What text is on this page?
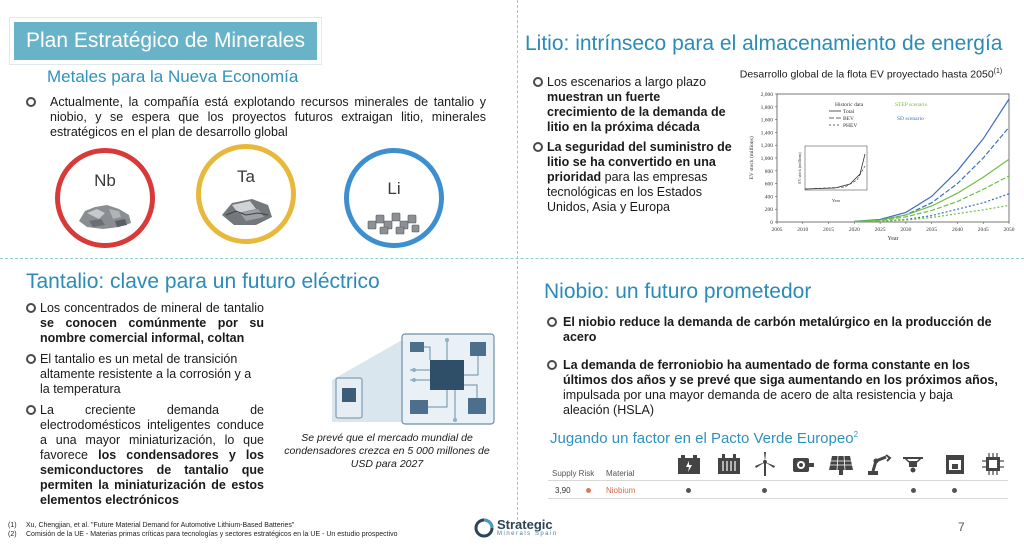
Plan Estratégico de Minerales
Metales para la Nueva Economía
Actualmente, la compañía está explotando recursos minerales de tantalio y niobio, y se espera que los proyectos futuros extraigan litio, minerales estratégicos en el plan de desarrollo global
Nb	Ta
Li
Litio: intrínseco para el almacenamiento de energía
Los escenarios a largo plazo muestran un fuerte crecimiento de la demanda de litio en la próxima década
La seguridad del suministro de litio se ha convertido en una prioridad para las empresas tecnológicas en los Estados Unidos, Asia y Europa
Desarrollo global de la flota EV proyectado hasta 2050$^{(1)}$
0
200
400
600
800
1,000
1,200
1,400
1,600
1,800
2,000
2005	2010	2015	2020	2025	2030	2035	2040	2045	2050
Year
EV stock (millions)
Historic data
Total
BEV
PHEV
STEP scenario
SD scenario
Year
EV stock (millions)
Tantalio: clave para un futuro eléctrico
Los concentrados de mineral de tantalio se conocen comúnmente por su nombre comercial informal, coltan
El tantalio es un metal de transición altamente resistente a la corrosión y a la temperatura
La creciente demanda de electrodomésticos inteligentes conduce a una mayor miniaturización, lo que favorece los condensadores y los semiconductores de tantalio que permiten la miniaturización de estos elementos electrónicos
Se prevé que el mercado mundial de condensadores crezca en 5 000 millones de USD para 2027
Niobio: un futuro prometedor
El niobio reduce la demanda de carbón metalúrgico en la producción de acero
La demanda de ferroniobio ha aumentado de forma constante en los últimos dos años y se prevé que siga aumentando en los próximos años, impulsada por una mayor demanda de acero de alta resistencia y baja aleación (HSLA)
Jugando un factor en el Pacto Verde Europeo$^2$
Supply Risk Material
3,90	Niobium
(1) Xu, Chengjian, et al. "Future Material Demand for Automotive Lithium-Based Batteries"
(2) Comisión de la UE - Materias primas críticas para tecnologías y sectores estratégicos en la UE - Un estudio prospectivo
Strategic
Minerals Spain	7
